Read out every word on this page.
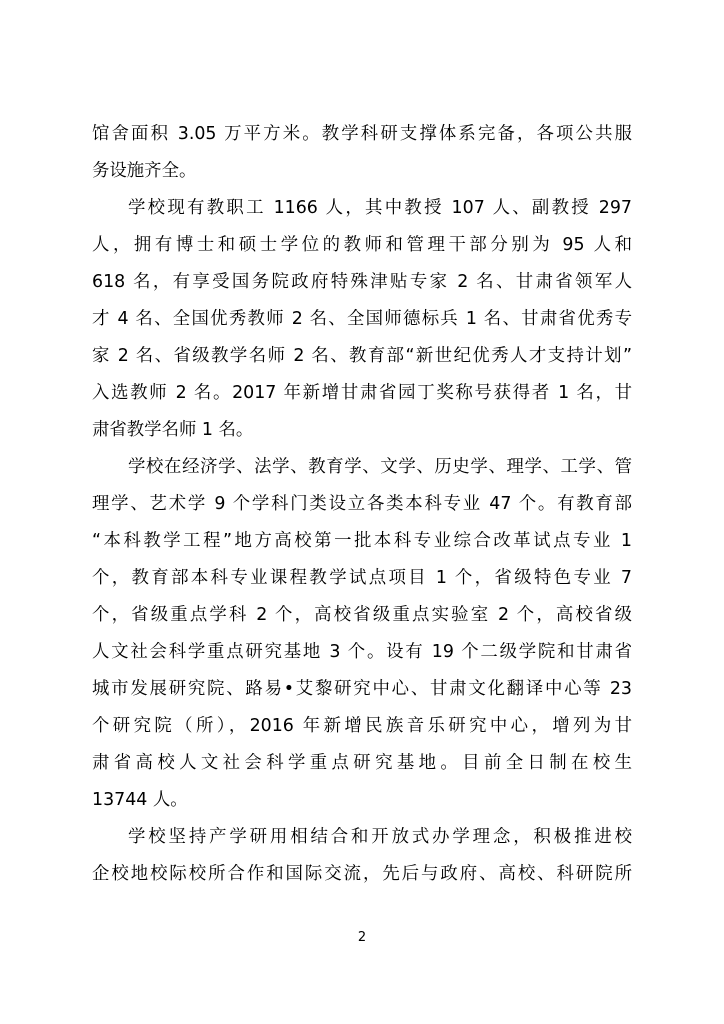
馆舍面积 3.05 万平方米。教学科研支撑体系完备，各项公共服
务设施齐全。
学校现有教职工 1166 人，其中教授 107 人、副教授 297
人，拥有博士和硕士学位的教师和管理干部分别为 95 人和
618 名，有享受国务院政府特殊津贴专家 2 名、甘肃省领军人
才 4 名、全国优秀教师 2 名、全国师德标兵 1 名、甘肃省优秀专
家 2 名、省级教学名师 2 名、教育部“新世纪优秀人才支持计划”
入选教师 2 名。2017 年新增甘肃省园丁奖称号获得者 1 名，甘
肃省教学名师 1 名。
学校在经济学、法学、教育学、文学、历史学、理学、工学、管
理学、艺术学 9 个学科门类设立各类本科专业 47 个。有教育部
“本科教学工程”地方高校第一批本科专业综合改革试点专业 1
个，教育部本科专业课程教学试点项目 1 个，省级特色专业 7
个，省级重点学科 2 个，高校省级重点实验室 2 个，高校省级
人文社会科学重点研究基地 3 个。设有 19 个二级学院和甘肃省
城市发展研究院、路易•艾黎研究中心、甘肃文化翻译中心等 23
个研究院（所），2016 年新增民族音乐研究中心，增列为甘
肃省高校人文社会科学重点研究基地。目前全日制在校生
13744 人。
学校坚持产学研用相结合和开放式办学理念，积极推进校
企校地校际校所合作和国际交流，先后与政府、高校、科研院所
2
